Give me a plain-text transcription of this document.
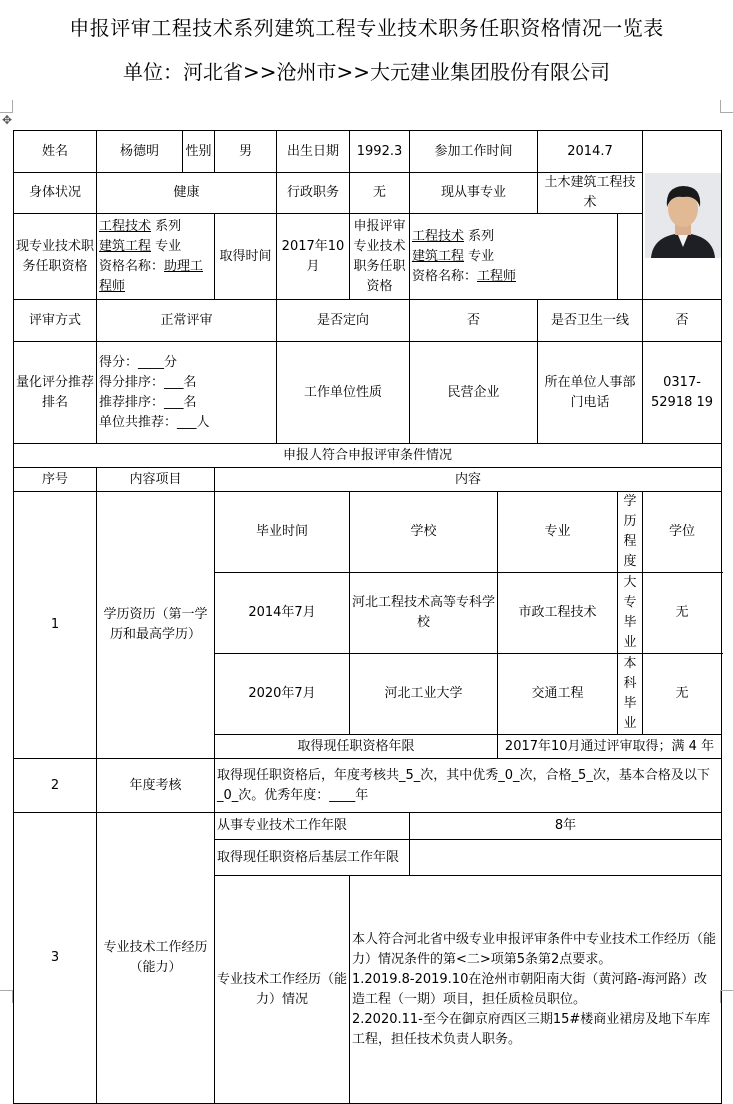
申报评审工程技术系列建筑工程专业技术职务任职资格情况一览表
单位：河北省>>沧州市>>大元建业集团股份有限公司
✥
姓名	杨德明	性别	男	出生日期	1992.3	参加工作时间		2014.7	

身体状况	健康			行政职务	无	现从事专业		土木建筑工程技术		
现专业技术职务任职资格	工程技术 系列
建筑工程 专业
资格名称：助理工程师		取得时间	2017年10月	申报评审专业技术职务任职资格	工程技术 系列
建筑工程 专业
资格名称：工程师				
评审方式	正常评审			是否定向		否		是否卫生一线		否
量化评分推荐排名	得分：____分
得分排序：___名
推荐排序：___名
单位共推荐：___人			工作单位性质		民营企业		所在单位人事部门电话		0317-52918 19
申报人符合申报评审条件情况										
序号	内容项目		内容							
1	学历资历（第一学历和最高学历）		毕业时间		学校		专业		学历程度	学位
			2014年7月		河北工程技术高等专科学校		市政工程技术		大专毕业	无
			2020年7月		河北工业大学		交通工程		本科毕业	无
			取得现任职资格年限				2017年10月通过评审取得；满 4 年			
2	年度考核		取得现任职资格后，年度考核共_5_次，其中优秀_0_次，合格_5_次，基本合格及以下_0_次。优秀年度：____年							
3	专业技术工作经历（能力）		从事专业技术工作年限			8年				
			取得现任职资格后基层工作年限							
			专业技术工作经历（能力）情况		本人符合河北省中级专业申报评审条件中专业技术工作经历（能力）情况条件的第<二>项第5条第2点要求。
1.2019.8-2019.10在沧州市朝阳南大街（黄河路-海河路）改造工程（一期）项目，担任质检员职位。
2.2020.11-至今在御京府西区三期15#楼商业裙房及地下车库工程，担任技术负责人职务。					
